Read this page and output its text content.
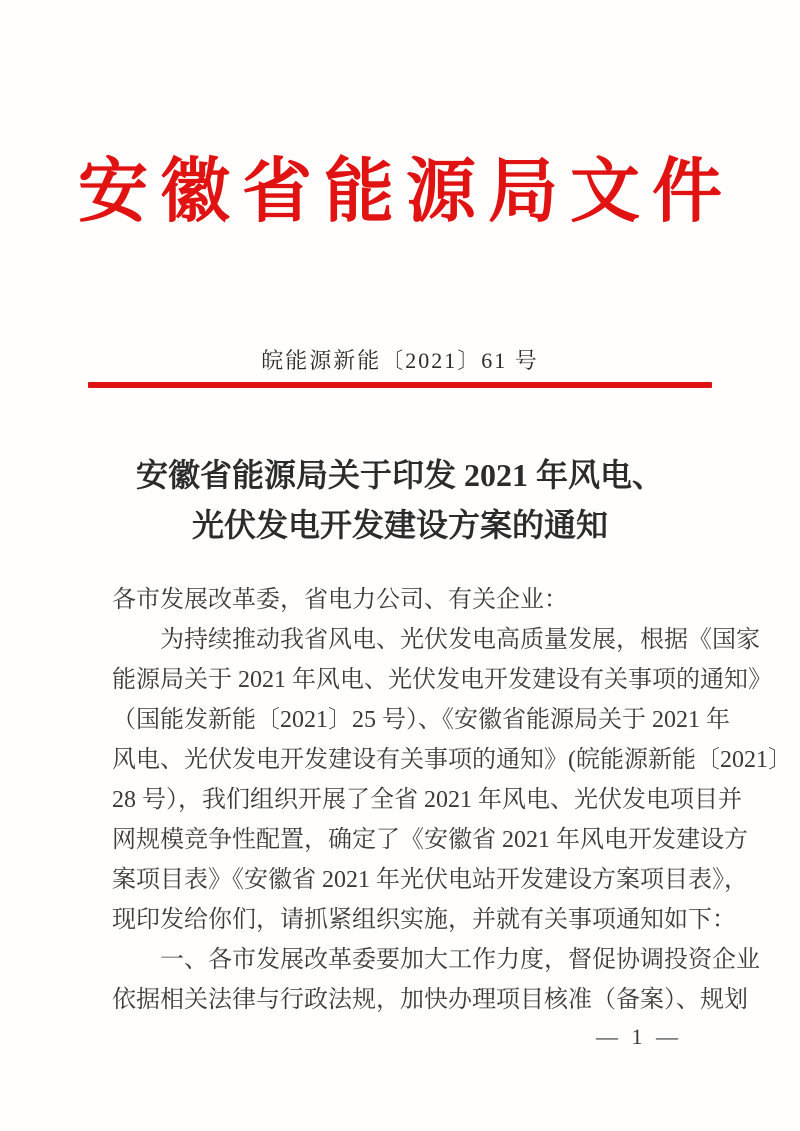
安徽省能源局文件
皖能源新能〔2021〕61 号
安徽省能源局关于印发 2021 年风电、
光伏发电开发建设方案的通知
各市发展改革委，省电力公司、有关企业：
为持续推动我省风电、光伏发电高质量发展，根据《国家
能源局关于 2021 年风电、光伏发电开发建设有关事项的通知》
（国能发新能〔2021〕25 号）、《安徽省能源局关于 2021 年
风电、光伏发电开发建设有关事项的通知》(皖能源新能〔2021〕
28 号），我们组织开展了全省 2021 年风电、光伏发电项目并
网规模竞争性配置，确定了《安徽省 2021 年风电开发建设方
案项目表》《安徽省 2021 年光伏电站开发建设方案项目表》，
现印发给你们，请抓紧组织实施，并就有关事项通知如下：
一、各市发展改革委要加大工作力度，督促协调投资企业
依据相关法律与行政法规，加快办理项目核准（备案）、规划
— 1 —
